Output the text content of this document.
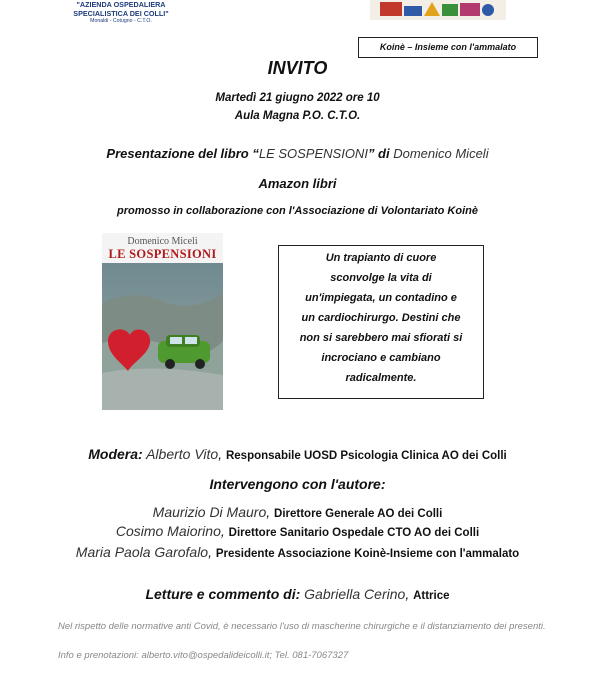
"AZIENDA OSPEDALIERA
SPECIALISTICA DEI COLLI"
Monaldi - Cotugno - C.T.O.
Koinè – Insieme con l'ammalato
INVITO
Martedì 21 giugno 2022 ore 10
Aula Magna P.O. C.T.O.
Presentazione del libro “LE SOSPENSIONI” di Domenico Miceli
Amazon libri
promosso in collaborazione con l'Associazione di Volontariato Koinè
Domenico Miceli
LE SOSPENSIONI	Un trapianto di cuore
sconvolge la vita di
un'impiegata, un contadino e
un cardiochirurgo. Destini che
non si sarebbero mai sfiorati si
incrociano e cambiano
radicalmente.
Modera: Alberto Vito, Responsabile UOSD Psicologia Clinica AO dei Colli
Intervengono con l'autore:
Maurizio Di Mauro, Direttore Generale AO dei Colli
Cosimo Maiorino, Direttore Sanitario Ospedale CTO AO dei Colli
Maria Paola Garofalo, Presidente Associazione Koinè-Insieme con l'ammalato
Letture e commento di: Gabriella Cerino, Attrice
Nel rispetto delle normative anti Covid, è necessario l'uso di mascherine chirurgiche e il distanziamento dei presenti.
Info e prenotazioni: alberto.vito@ospedalideicolli.it; Tel. 081-7067327
